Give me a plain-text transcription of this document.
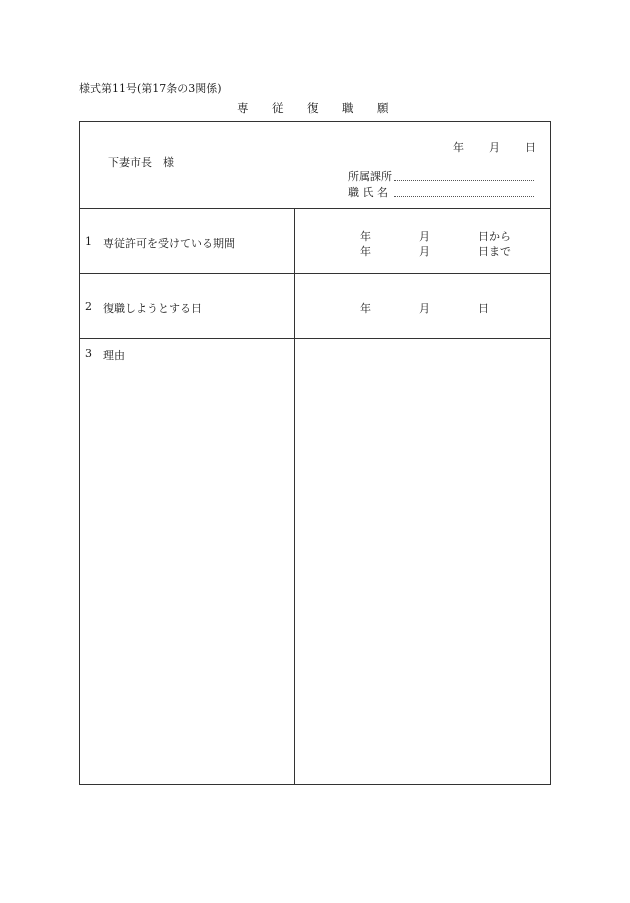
様式第11号(第17条の3関係)
専 従 復 職 願
年 月 日
下妻市長　様
所属課所
職 氏 名
1 専従許可を受けている期間
年	月	日から
年	月	日まで
2 復職しようとする日	年	月	日
3 理由
